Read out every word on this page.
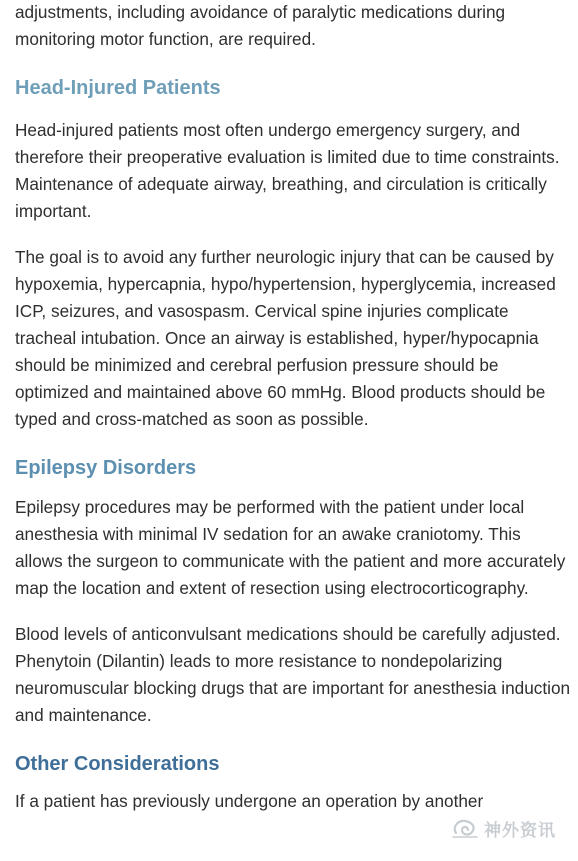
adjustments, including avoidance of paralytic medications during monitoring motor function, are required.

Head-Injured Patients

Head-injured patients most often undergo emergency surgery, and therefore their preoperative evaluation is limited due to time constraints. Maintenance of adequate airway, breathing, and circulation is critically important.

The goal is to avoid any further neurologic injury that can be caused by hypoxemia, hypercapnia, hypo/hypertension, hyperglycemia, increased ICP, seizures, and vasospasm. Cervical spine injuries complicate tracheal intubation. Once an airway is established, hyper/hypocapnia should be minimized and cerebral perfusion pressure should be optimized and maintained above 60 mmHg. Blood products should be typed and cross-matched as soon as possible.

Epilepsy Disorders

Epilepsy procedures may be performed with the patient under local anesthesia with minimal IV sedation for an awake craniotomy. This allows the surgeon to communicate with the patient and more accurately map the location and extent of resection using electrocorticography.

Blood levels of anticonvulsant medications should be carefully adjusted. Phenytoin (Dilantin) leads to more resistance to nondepolarizing neuromuscular blocking drugs that are important for anesthesia induction and maintenance.

Other Considerations

If a patient has previously undergone an operation by another

神外资讯
